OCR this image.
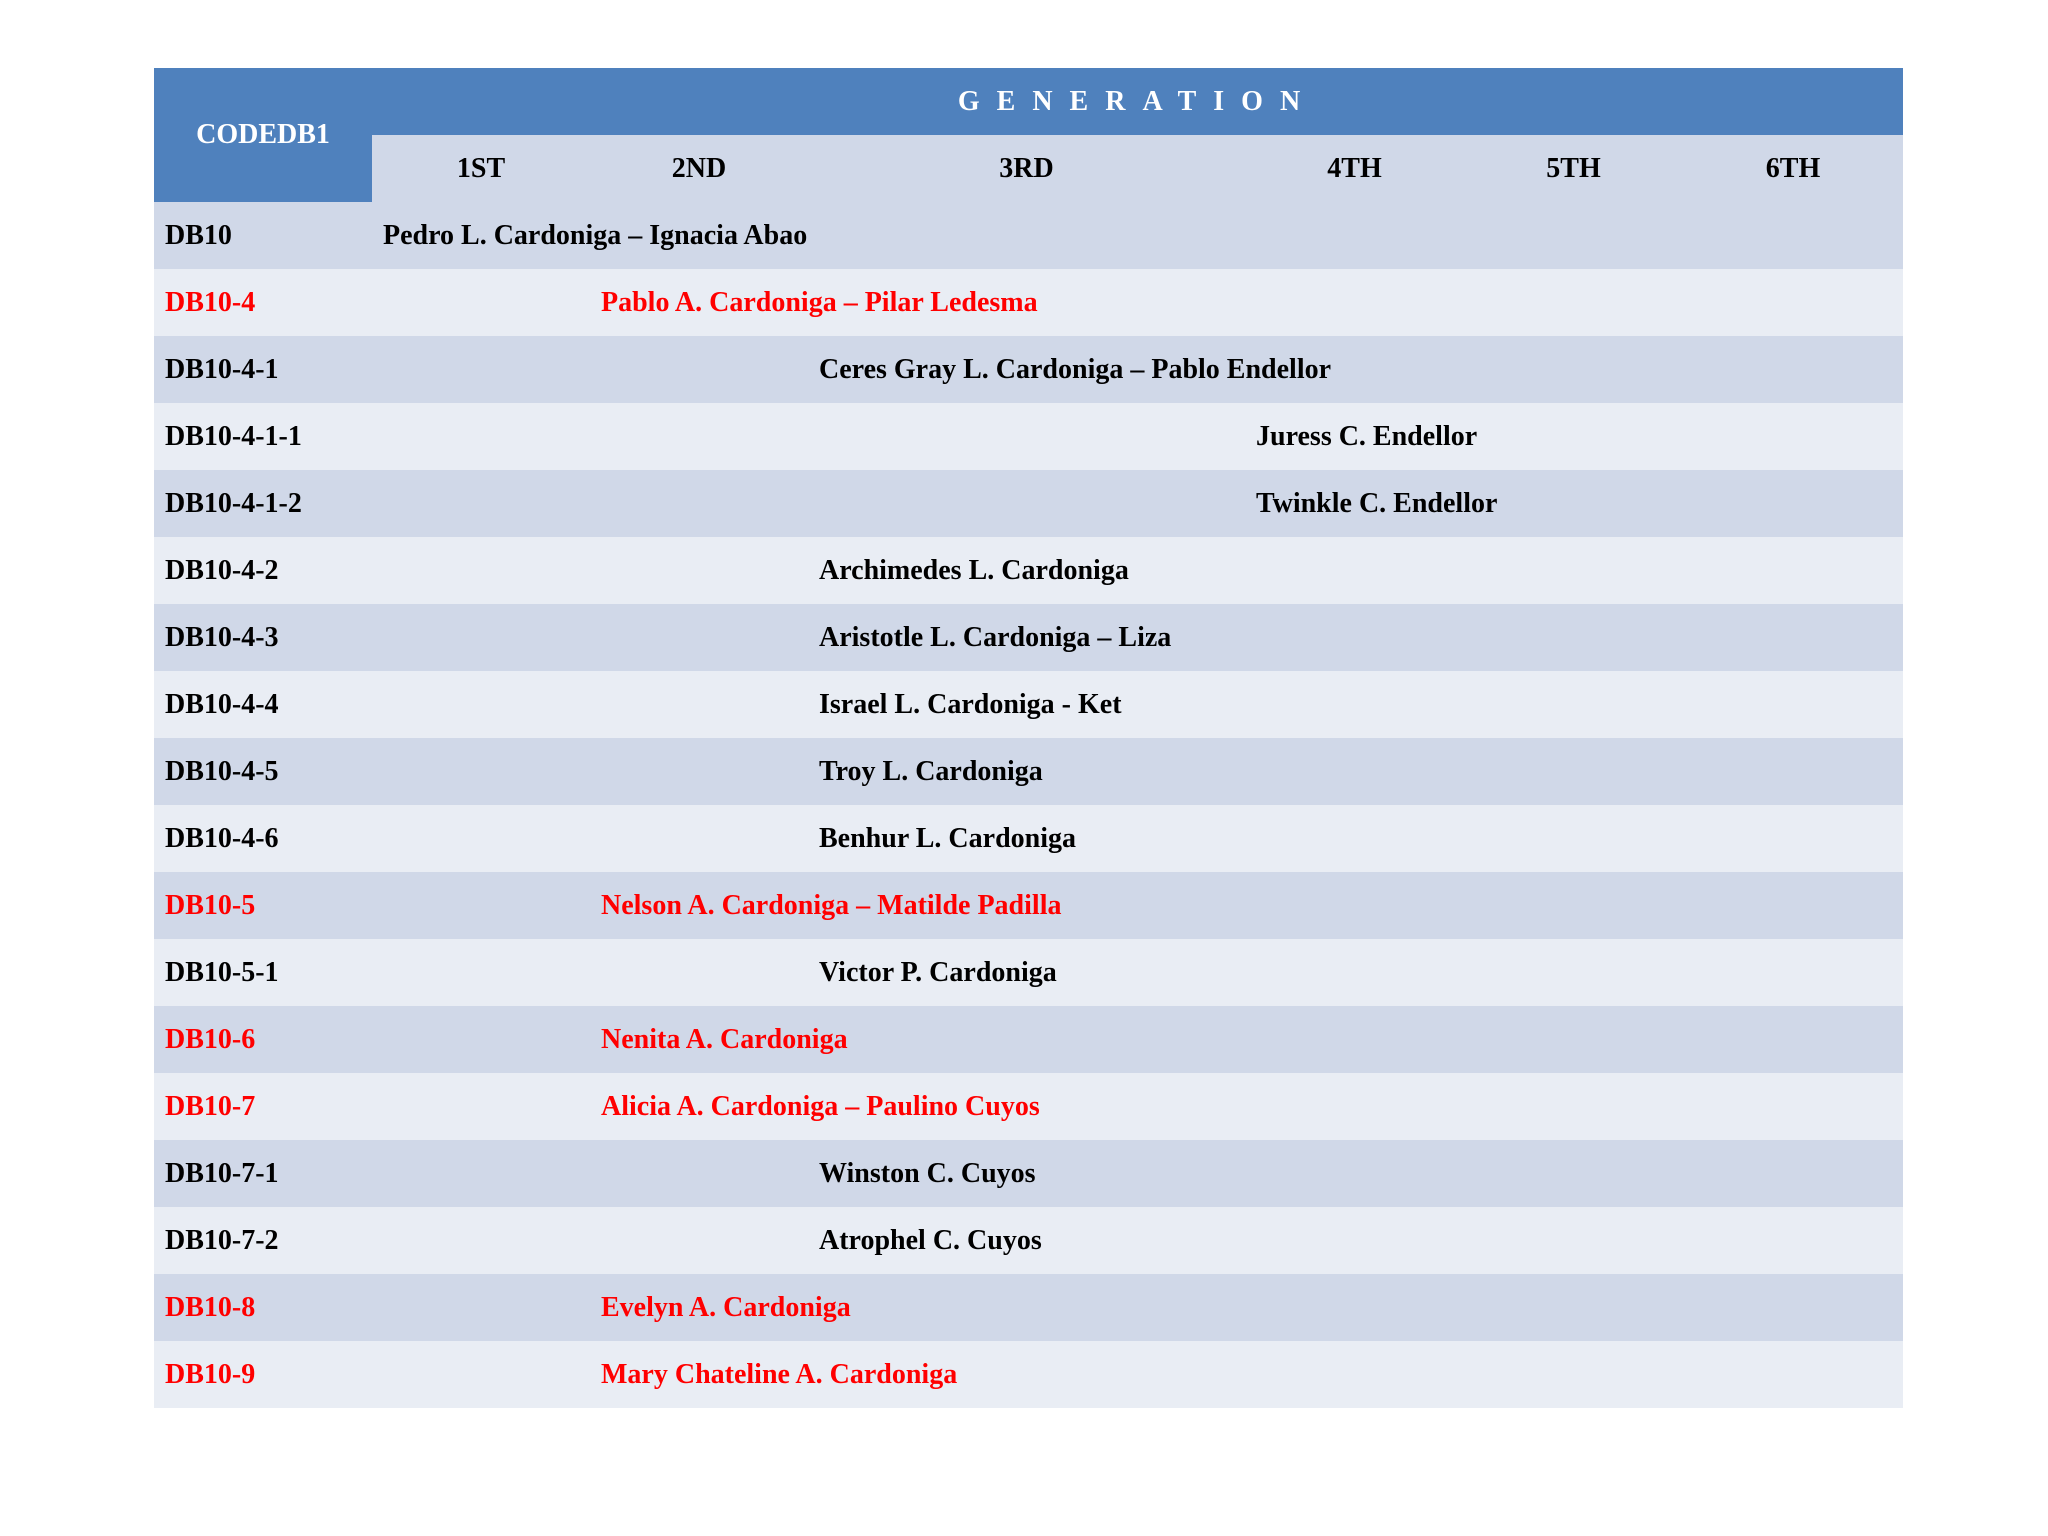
CODEDB1	GENERATION					
	1ST	2ND	3RD	4TH	5TH	6TH
DB10	Pedro L. Cardoniga – Ignacia Abao					
DB10-4		Pablo A. Cardoniga – Pilar Ledesma				
DB10-4-1			Ceres Gray L. Cardoniga – Pablo Endellor			
DB10-4-1-1				Juress C. Endellor		
DB10-4-1-2				Twinkle C. Endellor		
DB10-4-2			Archimedes L. Cardoniga			
DB10-4-3			Aristotle L. Cardoniga – Liza			
DB10-4-4			Israel L. Cardoniga - Ket			
DB10-4-5			Troy L. Cardoniga			
DB10-4-6			Benhur L. Cardoniga			
DB10-5		Nelson A. Cardoniga – Matilde Padilla				
DB10-5-1			Victor P. Cardoniga			
DB10-6		Nenita A. Cardoniga				
DB10-7		Alicia A. Cardoniga – Paulino Cuyos				
DB10-7-1			Winston C. Cuyos			
DB10-7-2			Atrophel C. Cuyos			
DB10-8		Evelyn A. Cardoniga				
DB10-9		Mary Chateline A. Cardoniga				
